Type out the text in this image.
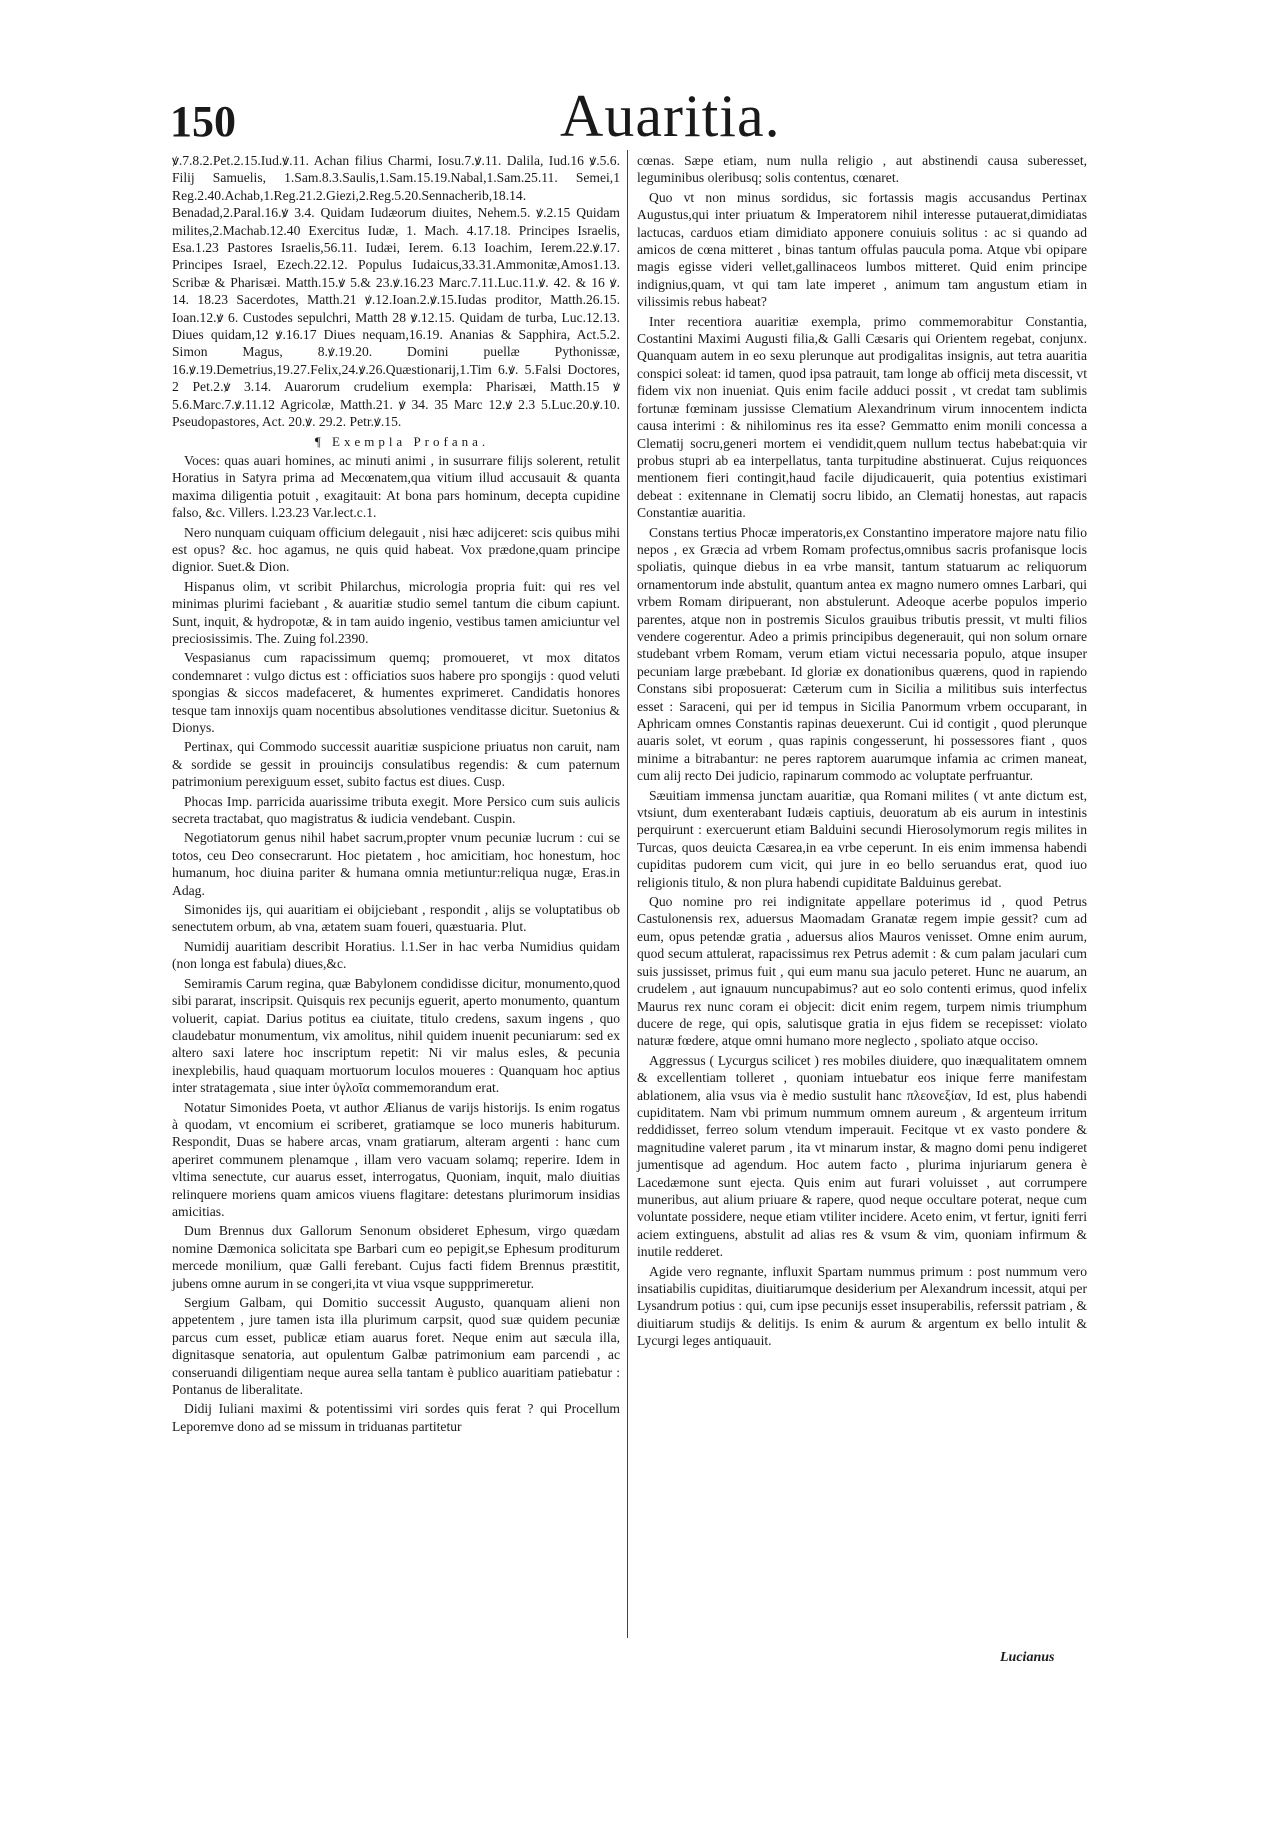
150	Auaritia.

ꝟ.7.8.2.Pet.2.15.Iud.ꝟ.11. Achan filius Charmi, Iosu.7.ꝟ.11. Dalila, Iud.16 ꝟ.5.6. Filij Samuelis, 1.Sam.8.3.Saulis,1.Sam.15.19.Nabal,1.Sam.25.11. Semei,1 Reg.2.40.Achab,1.Reg.21.2.Giezi,2.Reg.5.20.Sennacherib,18.14. Benadad,2.Paral.16.ꝟ 3.4. Quidam Iudæorum diuites, Nehem.5. ꝟ.2.15 Quidam milites,2.Machab.12.40 Exercitus Iudæ, 1. Mach. 4.17.18. Principes Israelis, Esa.1.23 Pastores Israelis,56.11. Iudæi, Ierem. 6.13 Ioachim, Ierem.22.ꝟ.17. Principes Israel, Ezech.22.12. Populus Iudaicus,33.31.Ammonitæ,Amos1.13. Scribæ & Pharisæi. Matth.15.ꝟ 5.& 23.ꝟ.16.23 Marc.7.11.Luc.11.ꝟ. 42. & 16 ꝟ. 14. 18.23 Sacerdotes, Matth.21 ꝟ.12.Ioan.2.ꝟ.15.Iudas proditor, Matth.26.15. Ioan.12.ꝟ 6. Custodes sepulchri, Matth 28 ꝟ.12.15. Quidam de turba, Luc.12.13. Diues quidam,12 ꝟ.16.17 Diues nequam,16.19. Ananias & Sapphira, Act.5.2. Simon Magus, 8.ꝟ.19.20. Domini puellæ Pythonissæ, 16.ꝟ.19.Demetrius,19.27.Felix,24.ꝟ.26.Quæstionarij,1.Tim 6.ꝟ. 5.Falsi Doctores, 2 Pet.2.ꝟ 3.14. Auarorum crudelium exempla: Pharisæi, Matth.15 ꝟ 5.6.Marc.7.ꝟ.11.12 Agricolæ, Matth.21. ꝟ 34. 35 Marc 12.ꝟ 2.3 5.Luc.20.ꝟ.10. Pseudopastores, Act. 20.ꝟ. 29.2. Petr.ꝟ.15.

¶ Exempla Profana.

Voces: quas auari homines, ac minuti animi , in susurrare filijs solerent, retulit Horatius in Satyra prima ad Mecœnatem,qua vitium illud accusauit & quanta maxima diligentia potuit , exagitauit: At bona pars hominum, decepta cupidine falso, &c. Villers. l.23.23 Var.lect.c.1.

Nero nunquam cuiquam officium delegauit , nisi hæc adijceret: scis quibus mihi est opus? &c. hoc agamus, ne quis quid habeat. Vox prædone,quam principe dignior. Suet.& Dion.

Hispanus olim, vt scribit Philarchus, micrologia propria fuit: qui res vel minimas plurimi faciebant , & auaritiæ studio semel tantum die cibum capiunt. Sunt, inquit, & hydropotæ, & in tam auido ingenio, vestibus tamen amiciuntur vel preciosissimis. The. Zuing fol.2390.

Vespasianus cum rapacissimum quemq; promoueret, vt mox ditatos condemnaret : vulgo dictus est : officiatios suos habere pro spongijs : quod veluti spongias & siccos madefaceret, & humentes exprimeret. Candidatis honores tesque tam innoxijs quam nocentibus absolutiones venditasse dicitur. Suetonius & Dionys.

Pertinax, qui Commodo successit auaritiæ suspicione priuatus non caruit, nam & sordide se gessit in prouincijs consulatibus regendis: & cum paternum patrimonium perexiguum esset, subito factus est diues. Cusp.

Phocas Imp. parricida auarissime tributa exegit. More Persico cum suis aulicis secreta tractabat, quo magistratus & iudicia vendebant. Cuspin.

Negotiatorum genus nihil habet sacrum,propter vnum pecuniæ lucrum : cui se totos, ceu Deo consecrarunt. Hoc pietatem , hoc amicitiam, hoc honestum, hoc humanum, hoc diuina pariter & humana omnia metiuntur:reliqua nugæ, Eras.in Adag.

Simonides ijs, qui auaritiam ei obijciebant , respondit , alijs se voluptatibus ob senectutem orbum, ab vna, ætatem suam foueri, quæstuaria. Plut.

Numidij auaritiam describit Horatius. l.1.Ser in hac verba Numidius quidam (non longa est fabula) diues,&c.

Semiramis Carum regina, quæ Babylonem condidisse dicitur, monumento,quod sibi pararat, inscripsit. Quisquis rex pecunijs eguerit, aperto monumento, quantum voluerit, capiat. Darius potitus ea ciuitate, titulo credens, saxum ingens , quo claudebatur monumentum, vix amolitus, nihil quidem inuenit pecuniarum: sed ex altero saxi latere hoc inscriptum repetit: Ni vir malus esles, & pecunia inexplebilis, haud quaquam mortuorum loculos moueres : Quanquam hoc aptius inter stratagemata , siue inter ὑγλοῖα commemorandum erat.

Notatur Simonides Poeta, vt author Ælianus de varijs historijs. Is enim rogatus à quodam, vt encomium ei scriberet, gratiamque se loco muneris habiturum. Respondit, Duas se habere arcas, vnam gratiarum, alteram argenti : hanc cum aperiret communem plenamque , illam vero vacuam solamq; reperire. Idem in vltima senectute, cur auarus esset, interrogatus, Quoniam, inquit, malo diuitias relinquere moriens quam amicos viuens flagitare: detestans plurimorum insidias amicitias.

Dum Brennus dux Gallorum Senonum obsideret Ephesum, virgo quædam nomine Dæmonica solicitata spe Barbari cum eo pepigit,se Ephesum proditurum mercede monilium, quæ Galli ferebant. Cujus facti fidem Brennus præstitit, jubens omne aurum in se congeri,ita vt viua vsque suppprimeretur.

Sergium Galbam, qui Domitio successit Augusto, quanquam alieni non appetentem , jure tamen ista illa plurimum carpsit, quod suæ quidem pecuniæ parcus cum esset, publicæ etiam auarus foret. Neque enim aut sæcula illa, dignitasque senatoria, aut opulentum Galbæ patrimonium eam parcendi , ac conseruandi diligentiam neque aurea sella tantam è publico auaritiam patiebatur : Pontanus de liberalitate.

Didij Iuliani maximi & potentissimi viri sordes quis ferat ? qui Procellum Leporemve dono ad se missum in triduanas partitetur

cœnas. Sæpe etiam, num nulla religio , aut abstinendi causa suberesset, leguminibus oleribusq; solis contentus, cœnaret.

Quo vt non minus sordidus, sic fortassis magis accusandus Pertinax Augustus,qui inter priuatum & Imperatorem nihil interesse putauerat,dimidiatas lactucas, carduos etiam dimidiato apponere conuiuis solitus : ac si quando ad amicos de cœna mitteret , binas tantum offulas paucula poma. Atque vbi opipare magis egisse videri vellet,gallinaceos lumbos mitteret. Quid enim principe indignius,quam, vt qui tam late imperet , animum tam angustum etiam in vilissimis rebus habeat?

Inter recentiora auaritiæ exempla, primo commemorabitur Constantia, Costantini Maximi Augusti filia,& Galli Cæsaris qui Orientem regebat, conjunx. Quanquam autem in eo sexu plerunque aut prodigalitas insignis, aut tetra auaritia conspici soleat: id tamen, quod ipsa patrauit, tam longe ab officij meta discessit, vt fidem vix non inueniat. Quis enim facile adduci possit , vt credat tam sublimis fortunæ fœminam jussisse Clematium Alexandrinum virum innocentem indicta causa interimi : & nihilominus res ita esse? Gemmatto enim monili concessa a Clematij socru,generi mortem ei vendidit,quem nullum tectus habebat:quia vir probus stupri ab ea interpellatus, tanta turpitudine abstinuerat. Cujus reiquonces mentionem fieri contingit,haud facile dijudicauerit, quia potentius existimari debeat : exitennane in Clematij socru libido, an Clematij honestas, aut rapacis Constantiæ auaritia.

Constans tertius Phocæ imperatoris,ex Constantino imperatore majore natu filio nepos , ex Græcia ad vrbem Romam profectus,omnibus sacris profanisque locis spoliatis, quinque diebus in ea vrbe mansit, tantum statuarum ac reliquorum ornamentorum inde abstulit, quantum antea ex magno numero omnes Larbari, qui vrbem Romam diripuerant, non abstulerunt. Adeoque acerbe populos imperio parentes, atque non in postremis Siculos grauibus tributis pressit, vt multi filios vendere cogerentur. Adeo a primis principibus degenerauit, qui non solum ornare studebant vrbem Romam, verum etiam victui necessaria populo, atque insuper pecuniam large præbebant. Id gloriæ ex donationibus quærens, quod in rapiendo Constans sibi proposuerat: Cæterum cum in Sicilia a militibus suis interfectus esset : Saraceni, qui per id tempus in Sicilia Panormum vrbem occuparant, in Aphricam omnes Constantis rapinas deuexerunt. Cui id contigit , quod plerunque auaris solet, vt eorum , quas rapinis congesserunt, hi possessores fiant , quos minime a bitrabantur: ne peres raptorem auarumque infamia ac crimen maneat, cum alij recto Dei judicio, rapinarum commodo ac voluptate perfruantur.

Sæuitiam immensa junctam auaritiæ, qua Romani milites ( vt ante dictum est, vtsiunt, dum exenterabant Iudæis captiuis, deuoratum ab eis aurum in intestinis perquirunt : exercuerunt etiam Balduini secundi Hierosolymorum regis milites in Turcas, quos deuicta Cæsarea,in ea vrbe ceperunt. In eis enim immensa habendi cupiditas pudorem cum vicit, qui jure in eo bello seruandus erat, quod iuo religionis titulo, & non plura habendi cupiditate Balduinus gerebat.

Quo nomine pro rei indignitate appellare poterimus id , quod Petrus Castulonensis rex, aduersus Maomadam Granatæ regem impie gessit? cum ad eum, opus petendæ gratia , aduersus alios Mauros venisset. Omne enim aurum, quod secum attulerat, rapacissimus rex Petrus ademit : & cum palam jaculari cum suis jussisset, primus fuit , qui eum manu sua jaculo peteret. Hunc ne auarum, an crudelem , aut ignauum nuncupabimus? aut eo solo contenti erimus, quod infelix Maurus rex nunc coram ei objecit: dicit enim regem, turpem nimis triumphum ducere de rege, qui opis, salutisque gratia in ejus fidem se recepisset: violato naturæ fœdere, atque omni humano more neglecto , spoliato atque occiso.

Aggressus ( Lycurgus scilicet ) res mobiles diuidere, quo inæqualitatem omnem & excellentiam tolleret , quoniam intuebatur eos inique ferre manifestam ablationem, alia vsus via è medio sustulit hanc πλεονεξίαν, Id est, plus habendi cupiditatem. Nam vbi primum nummum omnem aureum , & argenteum irritum reddidisset, ferreo solum vtendum imperauit. Fecitque vt ex vasto pondere & magnitudine valeret parum , ita vt minarum instar, & magno domi penu indigeret jumentisque ad agendum. Hoc autem facto , plurima injuriarum genera è Lacedæmone sunt ejecta. Quis enim aut furari voluisset , aut corrumpere muneribus, aut alium priuare & rapere, quod neque occultare poterat, neque cum voluntate possidere, neque etiam vtiliter incidere. Aceto enim, vt fertur, igniti ferri aciem extinguens, abstulit ad alias res & vsum & vim, quoniam infirmum & inutile redderet.

Agide vero regnante, influxit Spartam nummus primum : post nummum vero insatiabilis cupiditas, diuitiarumque desiderium per Alexandrum incessit, atqui per Lysandrum potius : qui, cum ipse pecunijs esset insuperabilis, referssit patriam , & diuitiarum studijs & delitijs. Is enim & aurum & argentum ex bello intulit & Lycurgi leges antiquauit.

Lucianus
